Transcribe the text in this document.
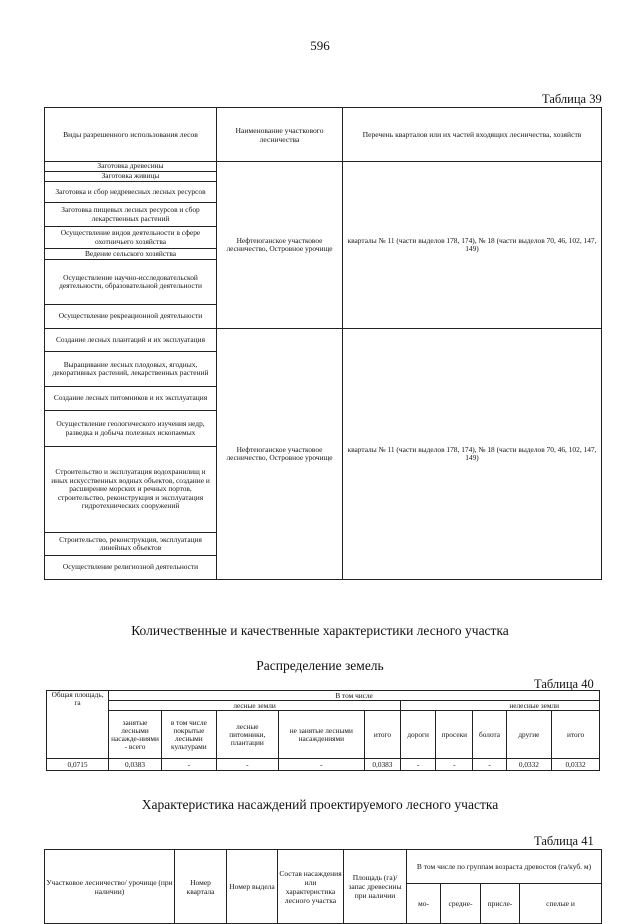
596
Таблица 39
Виды разрешенного использования лесов	Наименование участкового лесничества	Перечень кварталов или их частей входящих лесничества, хозяйств
Заготовка древесины	Нефтеюганское участковое лесничество, Островное урочище	кварталы № 11 (части выделов 178, 174), № 18 (части выделов 70, 46, 102, 147, 149)
Заготовка живицы		
Заготовка и сбор недревесных лесных ресурсов		
Заготовка пищевых лесных ресурсов и сбор лекарственных растений		
Осуществление видов деятельности в сфере охотничьего хозяйства		
Ведение сельского хозяйства		
Осуществление научно-исследовательской деятельности, образовательной деятельности		
Осуществление рекреационной деятельности		
Создание лесных плантаций и их эксплуатация	Нефтеюганское участковое лесничество, Островное урочище	кварталы № 11 (части выделов 178, 174), № 18 (части выделов 70, 46, 102, 147, 149)
Выращивание лесных плодовых, ягодных, декоративных растений, лекарственных растений		
Создание лесных питомников и их эксплуатация		
Осуществление геологического изучения недр, разведка и добыча полезных ископаемых		
Строительство и эксплуатация водохранилищ и иных искусственных водных объектов, создание и расширение морских и речных портов, строительство, реконструкция и эксплуатация гидротехнических сооружений		
Строительство, реконструкция, эксплуатация линейных объектов		
Осуществление религиозной деятельности		
Количественные и качественные характеристики лесного участка
Распределение земель
Таблица 40
Общая площадь, га	В том числе									
	лесные земли					нелесные земли				
	занятые лесными насажде-ниями - всего	в том числе покрытые лесными культурами	лесные питомники, плантации	не занятые лесными насаждениями	итого	дороги	просеки	болота	другие	итого
0,0715	0,0383	-	-	-	0,0383	-	-	-	0,0332	0,0332
Характеристика насаждений проектируемого лесного участка
Таблица 41
Участковое лесничество/ урочище (при наличии)	Номер квартала	Номер выдела	Состав насаждения или характеристика лесного участка	Площадь (га)/запас древесины при наличии	В том числе по группам возраста древостоя (га/куб. м)			
					мо-	средне-	присле-	спелые и
